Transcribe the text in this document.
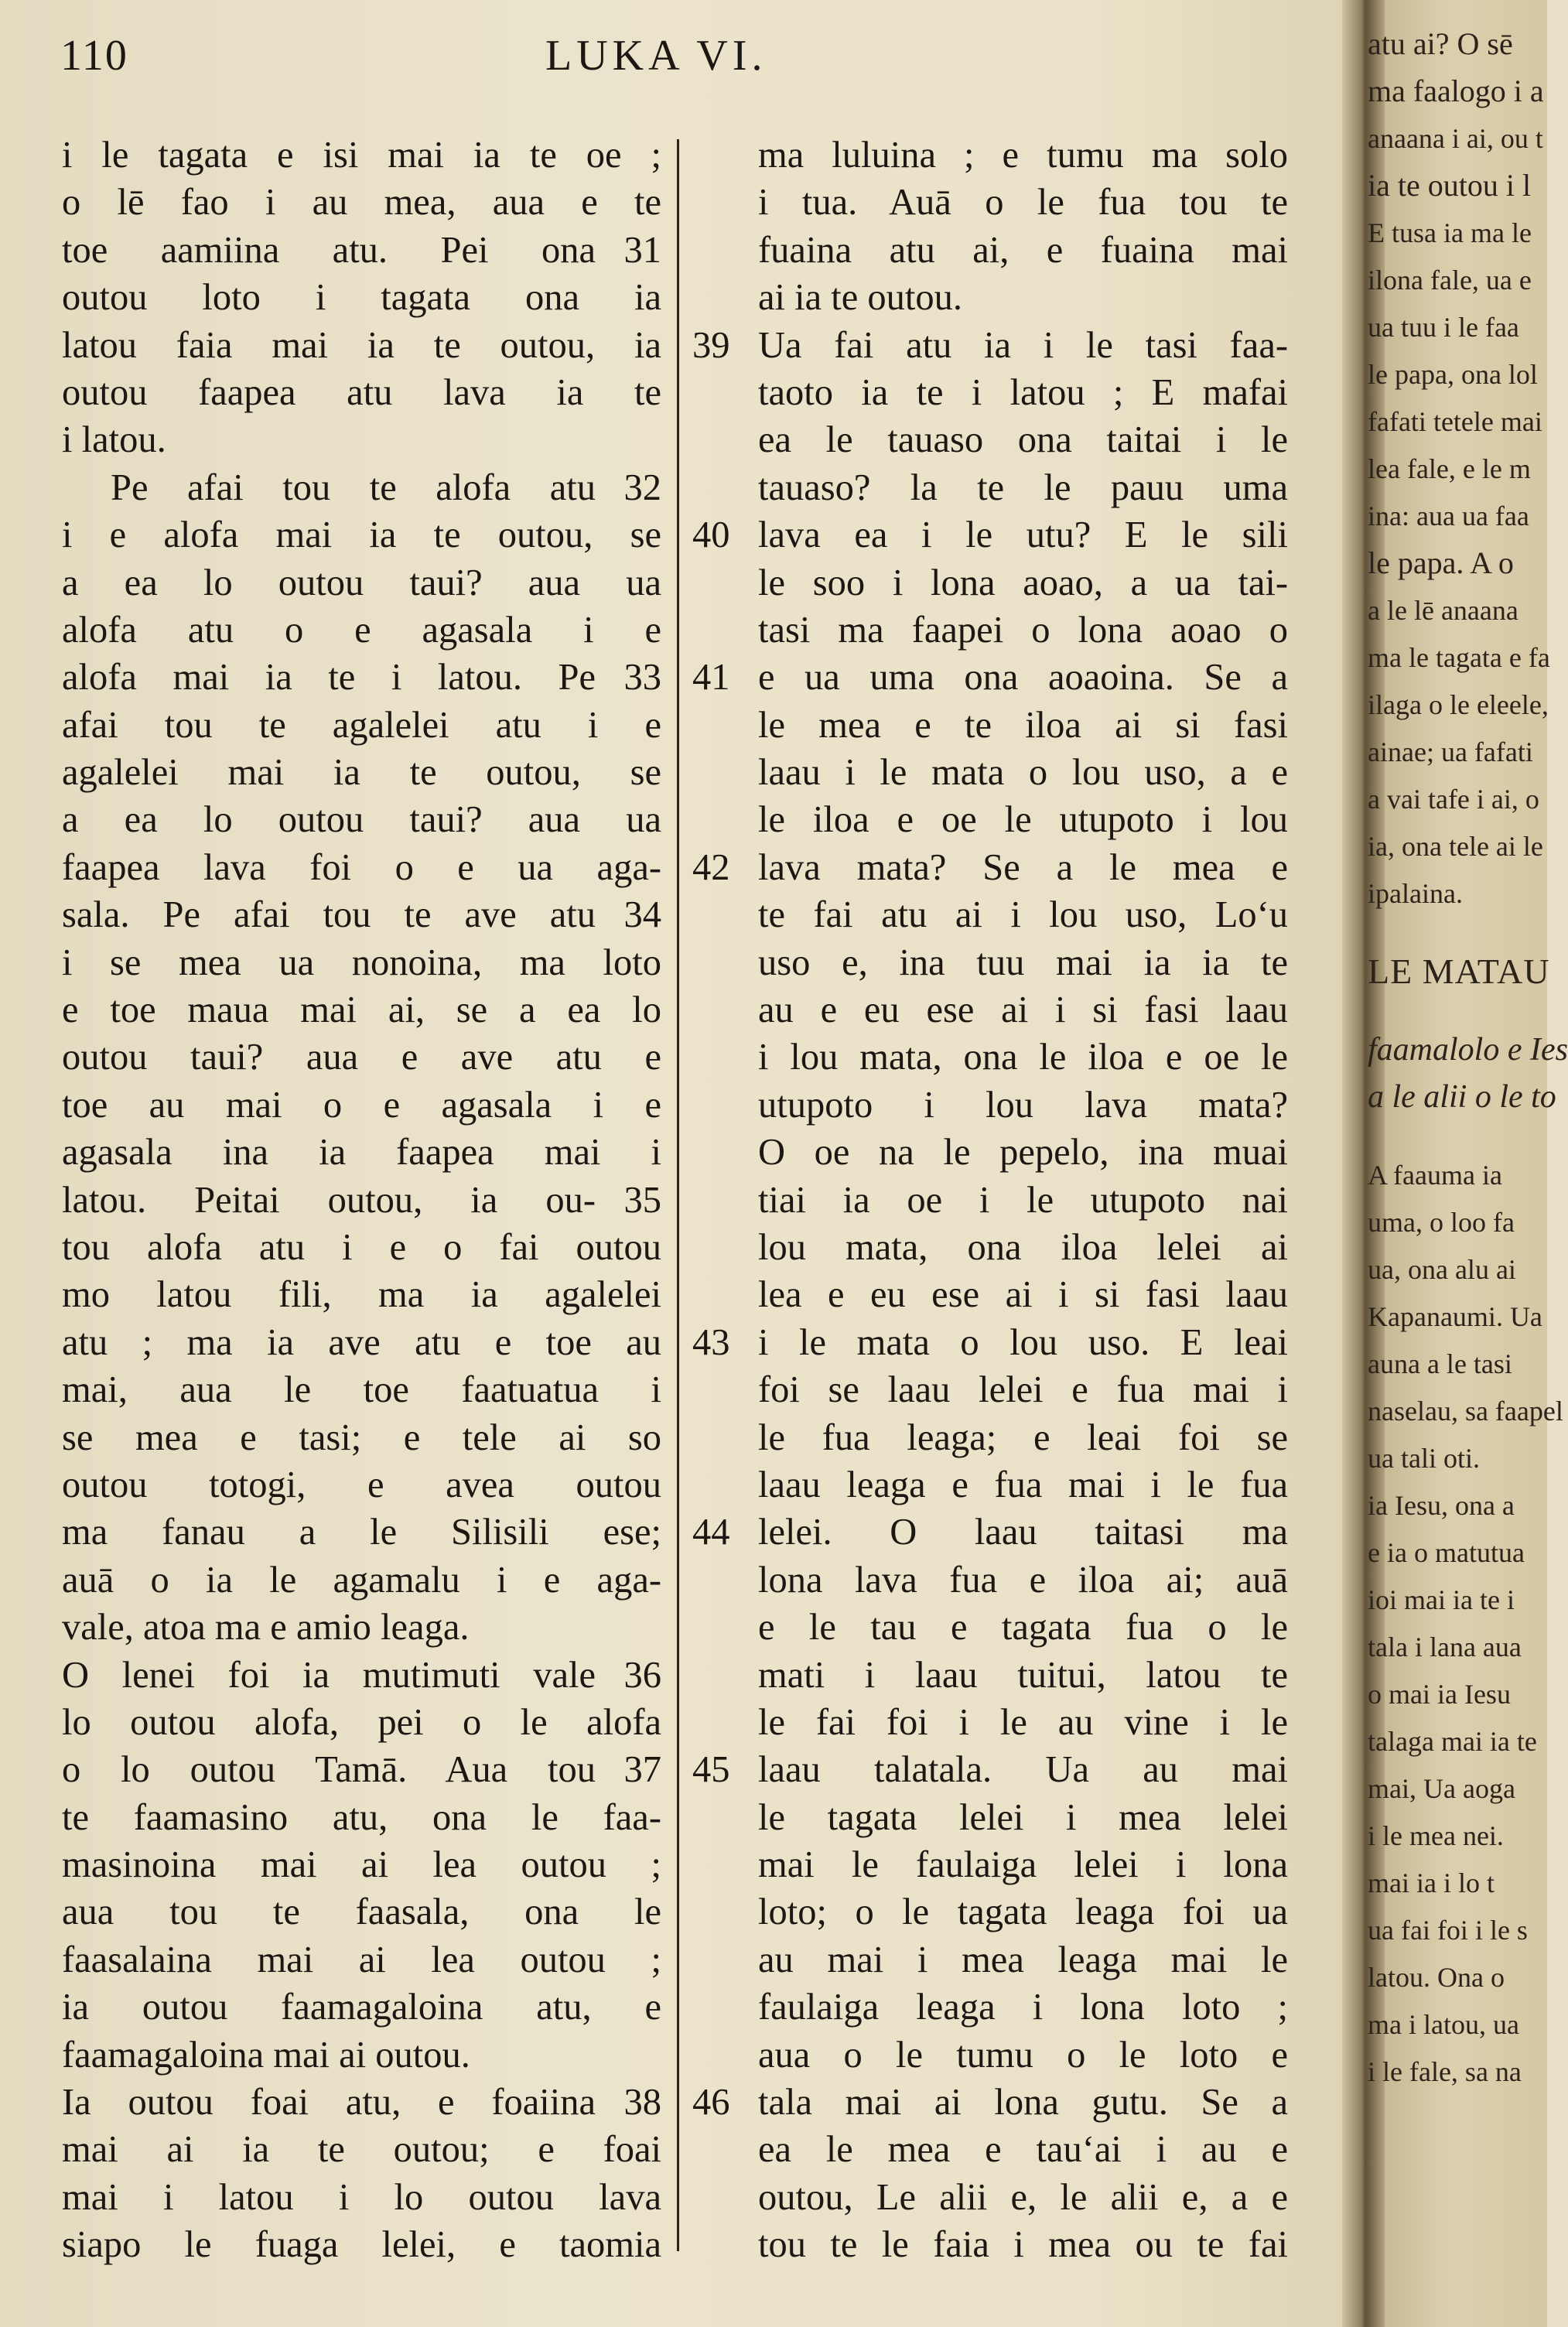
110	LUKA VI.
i le tagata e isi mai ia te oe ;
o lē fao i au mea, aua e te
toe aamiina atu. Pei ona 31
outou loto i tagata ona ia
latou faia mai ia te outou, ia
outou faapea atu lava ia te
i latou.
Pe afai tou te alofa atu 32
i e alofa mai ia te outou, se
a ea lo outou taui? aua ua
alofa atu o e agasala i e
alofa mai ia te i latou. Pe 33
afai tou te agalelei atu i e
agalelei mai ia te outou, se
a ea lo outou taui? aua ua
faapea lava foi o e ua aga-
sala. Pe afai tou te ave atu 34
i se mea ua nonoina, ma loto
e toe maua mai ai, se a ea lo
outou taui? aua e ave atu e
toe au mai o e agasala i e
agasala ina ia faapea mai i
latou. Peitai outou, ia ou- 35
tou alofa atu i e o fai outou
mo latou fili, ma ia agalelei
atu ; ma ia ave atu e toe au
mai, aua le toe faatuatua i
se mea e tasi; e tele ai so
outou totogi, e avea outou
ma fanau a le Silisili ese;
auā o ia le agamalu i e aga-
vale, atoa ma e amio leaga.
O lenei foi ia mutimuti vale 36
lo outou alofa, pei o le alofa
o lo outou Tamā. Aua tou 37
te faamasino atu, ona le faa-
masinoina mai ai lea outou ;
aua tou te faasala, ona le
faasalaina mai ai lea outou ;
ia outou faamagaloina atu, e
faamagaloina mai ai outou.
Ia outou foai atu, e foaiina 38
mai ai ia te outou; e foai
mai i latou i lo outou lava
siapo le fuaga lelei, e taomia
ma luluina ; e tumu ma solo
i tua. Auā o le fua tou te
fuaina atu ai, e fuaina mai
ai ia te outou.
39 Ua fai atu ia i le tasi faa-
taoto ia te i latou ; E mafai
ea le tauaso ona taitai i le
tauaso? la te le pauu uma
40 lava ea i le utu? E le sili
le soo i lona aoao, a ua tai-
tasi ma faapei o lona aoao o
41 e ua uma ona aoaoina. Se a
le mea e te iloa ai si fasi
laau i le mata o lou uso, a e
le iloa e oe le utupoto i lou
42 lava mata? Se a le mea e
te fai atu ai i lou uso, Lo‘u
uso e, ina tuu mai ia ia te
au e eu ese ai i si fasi laau
i lou mata, ona le iloa e oe le
utupoto i lou lava mata?
O oe na le pepelo, ina muai
tiai ia oe i le utupoto nai
lou mata, ona iloa lelei ai
lea e eu ese ai i si fasi laau
43 i le mata o lou uso. E leai
foi se laau lelei e fua mai i
le fua leaga; e leai foi se
laau leaga e fua mai i le fua
44 lelei. O laau taitasi ma
lona lava fua e iloa ai; auā
e le tau e tagata fua o le
mati i laau tuitui, latou te
le fai foi i le au vine i le
45 laau talatala. Ua au mai
le tagata lelei i mea lelei
mai le faulaiga lelei i lona
loto; o le tagata leaga foi ua
au mai i mea leaga mai le
faulaiga leaga i lona loto ;
aua o le tumu o le loto e
46 tala mai ai lona gutu. Se a
ea le mea e tau‘ai i au e
outou, Le alii e, le alii e, a e
tou te le faia i mea ou te fai
atu ai? O sē
ma faalogo i a
anaana i ai, ou t
ia te outou i l
E tusa ia ma le
ilona fale, ua e
ua tuu i le faa
le papa, ona lol
fafati tetele mai
lea fale, e le m
ina: aua ua faa
le papa. A o
a le lē anaana
ma le tagata e fa
ilaga o le eleele,
ainae; ua fafati
a vai tafe i ai, o
ia, ona tele ai le
ipalaina.
LE MATAU
faamalolo e Ies
a le alii o le to
A faauma ia
uma, o loo fa
ua, ona alu ai
Kapanaumi. Ua
auna a le tasi
naselau, sa faapel
ua tali oti.
ia Iesu, ona a
e ia o matutua
ioi mai ia te i
tala i lana aua
o mai ia Iesu
talaga mai ia te
mai, Ua aoga
i le mea nei.
mai ia i lo t
ua fai foi i le s
latou. Ona o
ma i latou, ua
i le fale, sa na
